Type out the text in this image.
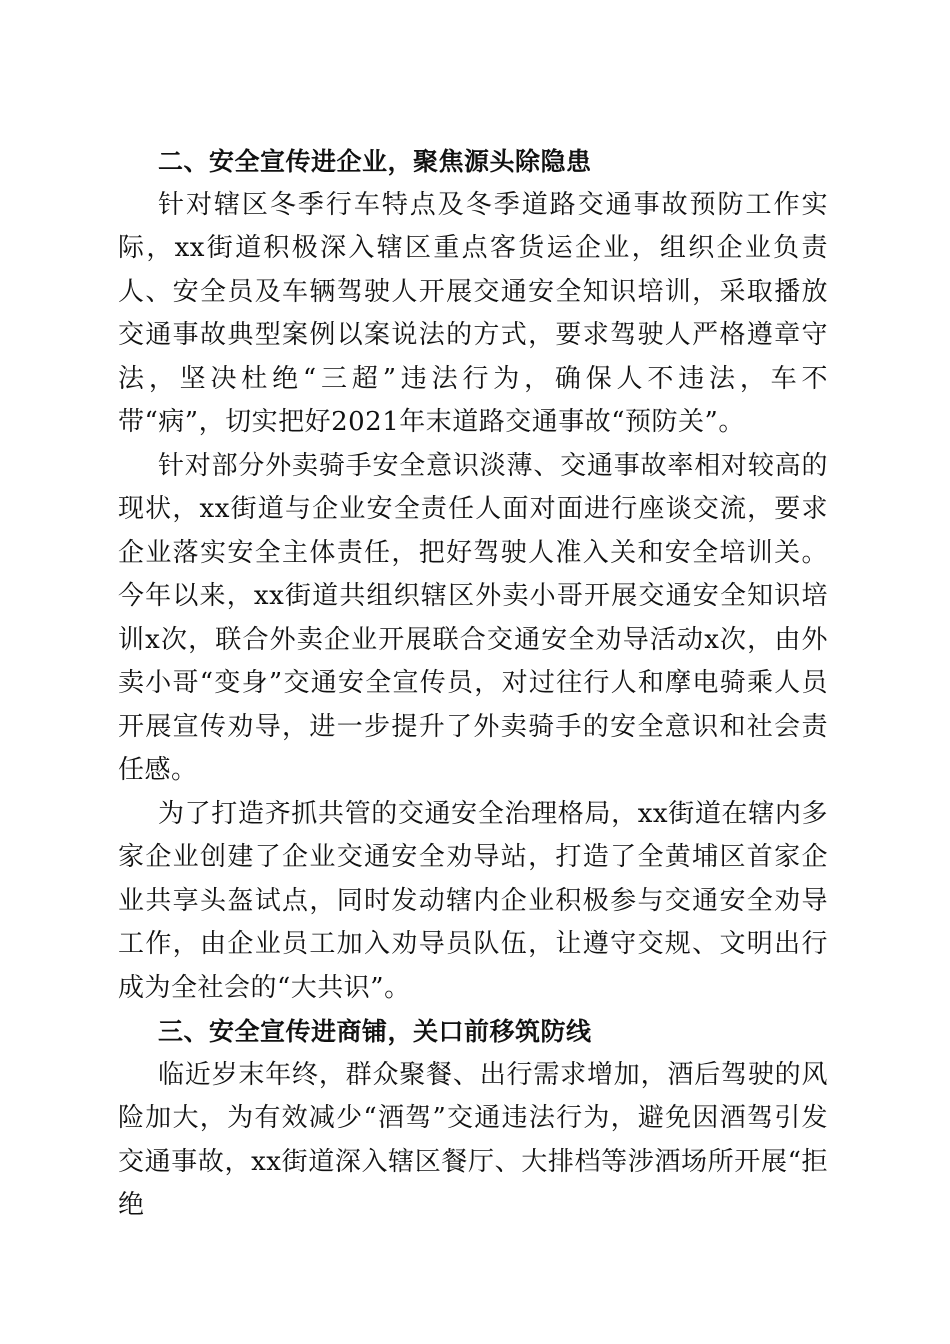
二、安全宣传进企业，聚焦源头除隐患

针对辖区冬季行车特点及冬季道路交通事故预防工作实际，xx街道积极深入辖区重点客货运企业，组织企业负责人、安全员及车辆驾驶人开展交通安全知识培训，采取播放交通事故典型案例以案说法的方式，要求驾驶人严格遵章守法，坚决杜绝“三超”违法行为，确保人不违法，车不带“病”，切实把好2021年末道路交通事故“预防关”。

针对部分外卖骑手安全意识淡薄、交通事故率相对较高的现状，xx街道与企业安全责任人面对面进行座谈交流，要求企业落实安全主体责任，把好驾驶人准入关和安全培训关。今年以来，xx街道共组织辖区外卖小哥开展交通安全知识培训x次，联合外卖企业开展联合交通安全劝导活动x次，由外卖小哥“变身”交通安全宣传员，对过往行人和摩电骑乘人员开展宣传劝导，进一步提升了外卖骑手的安全意识和社会责任感。

为了打造齐抓共管的交通安全治理格局，xx街道在辖内多家企业创建了企业交通安全劝导站，打造了全黄埔区首家企业共享头盔试点，同时发动辖内企业积极参与交通安全劝导工作，由企业员工加入劝导员队伍，让遵守交规、文明出行成为全社会的“大共识”。

三、安全宣传进商铺，关口前移筑防线

临近岁末年终，群众聚餐、出行需求增加，酒后驾驶的风险加大，为有效减少“酒驾”交通违法行为，避免因酒驾引发交通事故，xx街道深入辖区餐厅、大排档等涉酒场所开展“拒绝
